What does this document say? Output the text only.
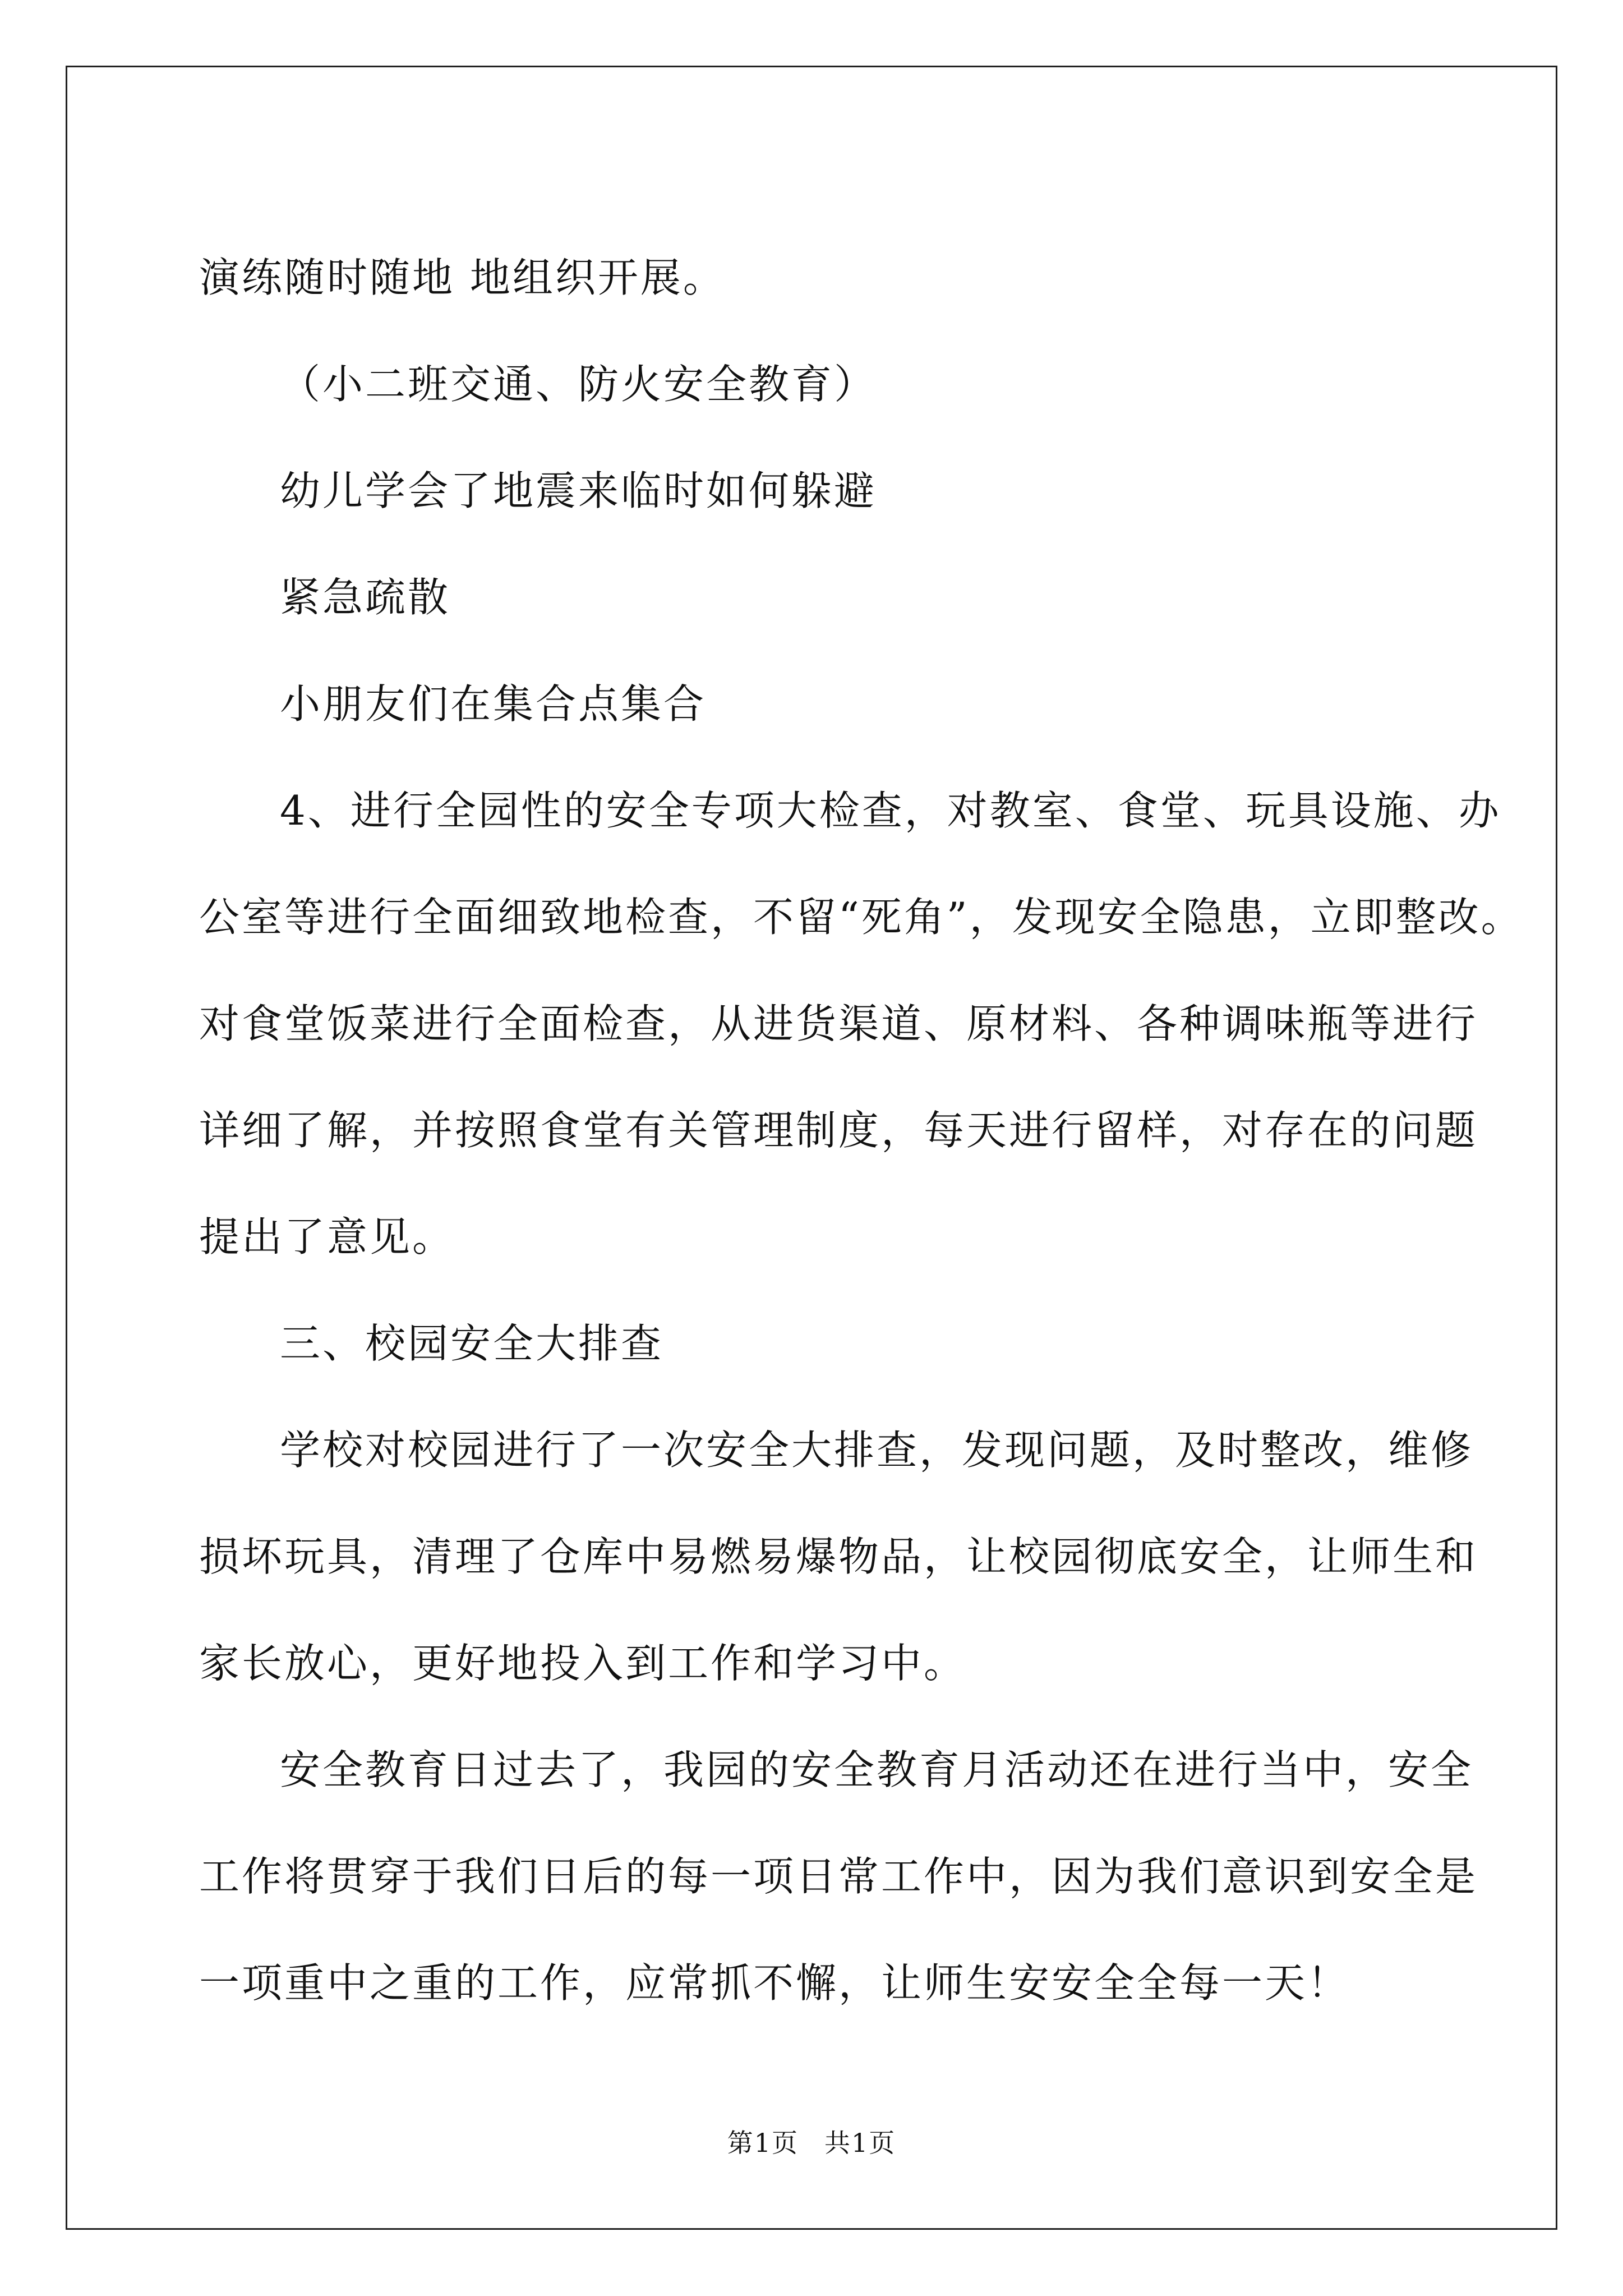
演练随时随地 地组织开展。

（小二班交通、防火安全教育）

幼儿学会了地震来临时如何躲避

紧急疏散

小朋友们在集合点集合

4、进行全园性的安全专项大检查，对教室、食堂、玩具设施、办

公室等进行全面细致地检查，不留“死角”，发现安全隐患，立即整改。

对食堂饭菜进行全面检查，从进货渠道、原材料、各种调味瓶等进行

详细了解，并按照食堂有关管理制度，每天进行留样，对存在的问题

提出了意见。

三、校园安全大排查

学校对校园进行了一次安全大排查，发现问题，及时整改，维修

损坏玩具，清理了仓库中易燃易爆物品，让校园彻底安全，让师生和

家长放心，更好地投入到工作和学习中。

安全教育日过去了，我园的安全教育月活动还在进行当中，安全

工作将贯穿于我们日后的每一项日常工作中，因为我们意识到安全是

一项重中之重的工作，应常抓不懈，让师生安安全全每一天！

第1页 共1页
